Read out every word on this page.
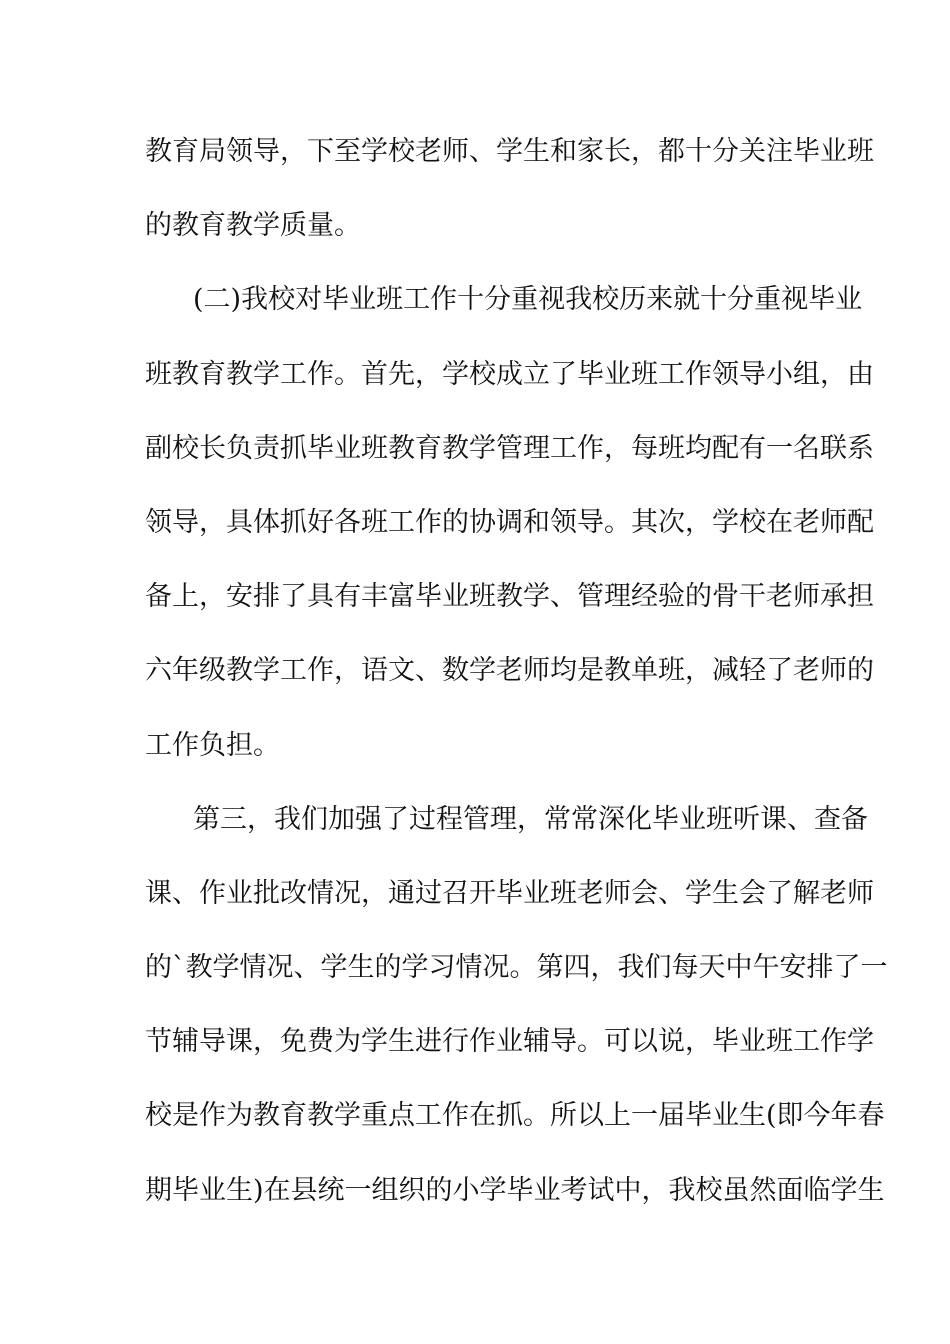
教育局领导，下至学校老师、学生和家长，都十分关注毕业班
的教育教学质量。
(二)我校对毕业班工作十分重视我校历来就十分重视毕业
班教育教学工作。首先，学校成立了毕业班工作领导小组，由
副校长负责抓毕业班教育教学管理工作，每班均配有一名联系
领导，具体抓好各班工作的协调和领导。其次，学校在老师配
备上，安排了具有丰富毕业班教学、管理经验的骨干老师承担
六年级教学工作，语文、数学老师均是教单班，减轻了老师的
工作负担。
第三，我们加强了过程管理，常常深化毕业班听课、查备
课、作业批改情况，通过召开毕业班老师会、学生会了解老师
的`教学情况、学生的学习情况。第四，我们每天中午安排了一
节辅导课，免费为学生进行作业辅导。可以说，毕业班工作学
校是作为教育教学重点工作在抓。所以上一届毕业生(即今年春
期毕业生)在县统一组织的小学毕业考试中，我校虽然面临学生
